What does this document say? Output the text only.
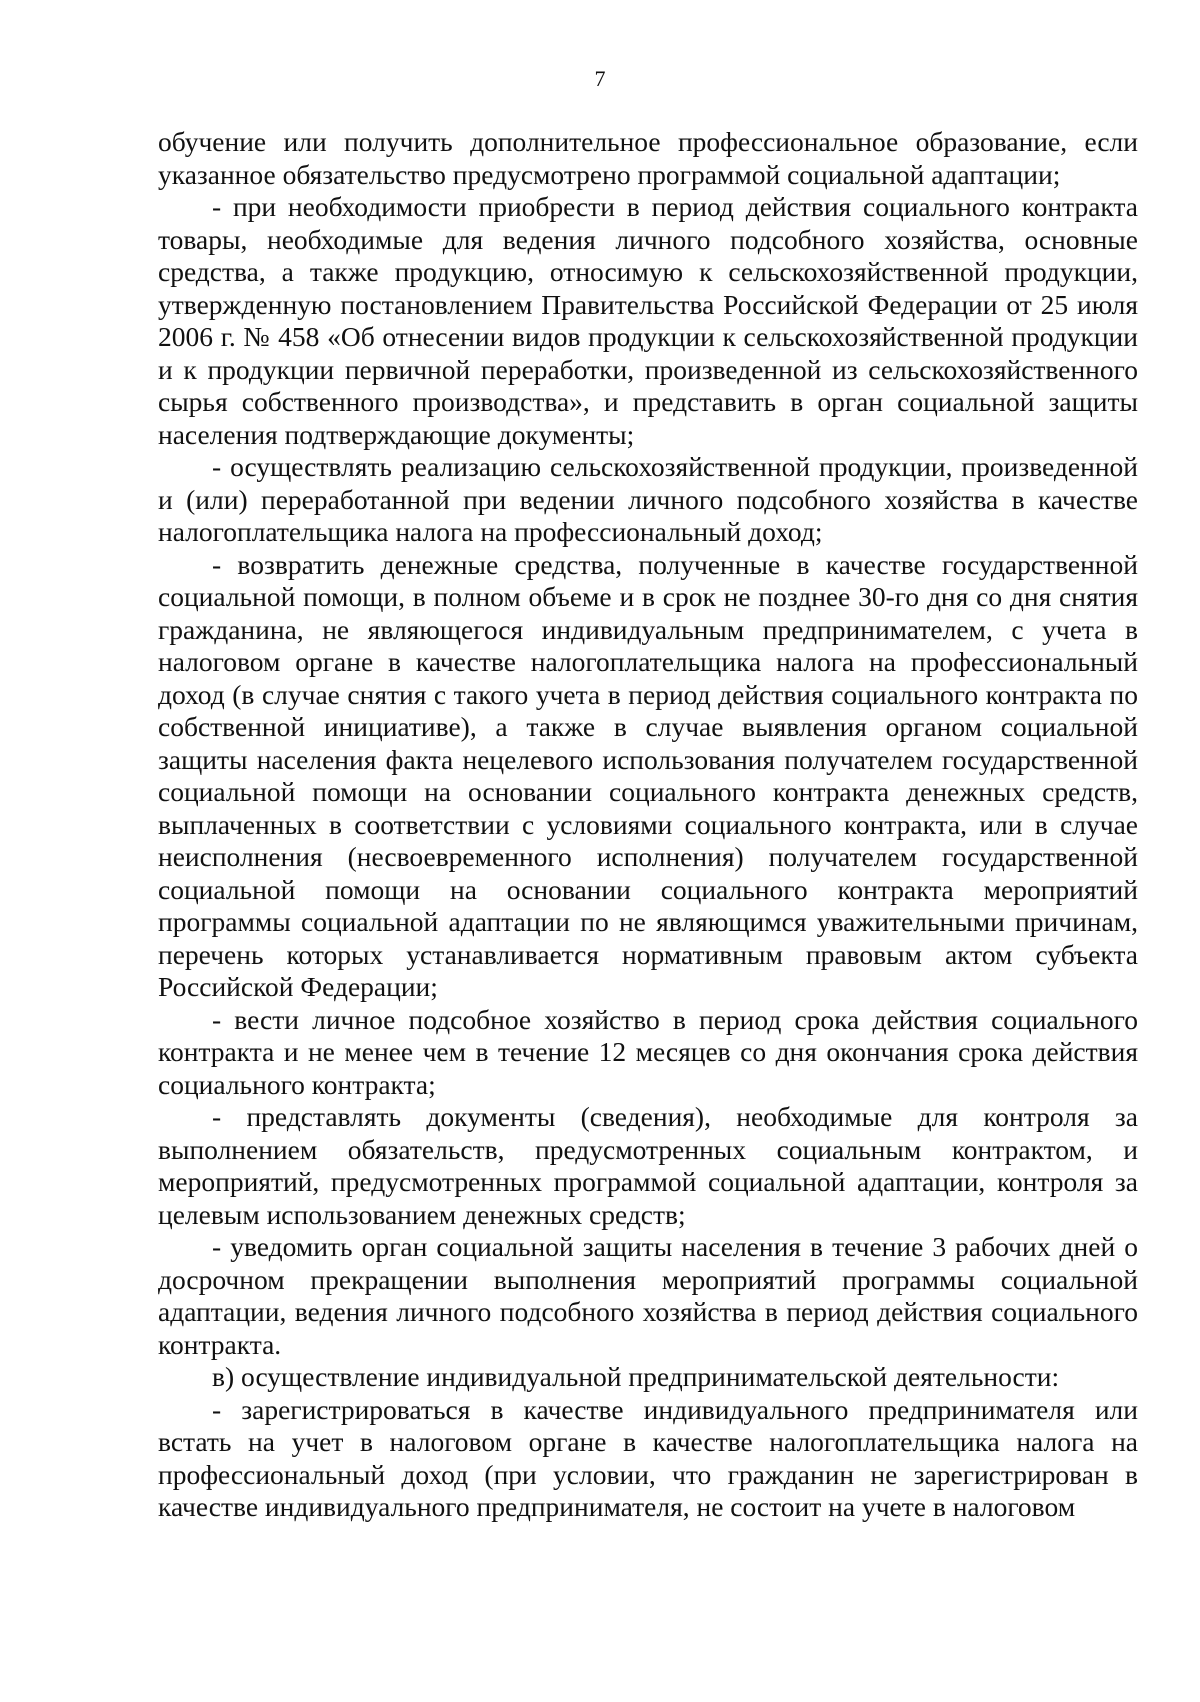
7

обучение или получить дополнительное профессиональное образование, если указанное обязательство предусмотрено программой социальной адаптации;

- при необходимости приобрести в период действия социального контракта товары, необходимые для ведения личного подсобного хозяйства, основные средства, а также продукцию, относимую к сельскохозяйственной продукции, утвержденную постановлением Правительства Российской Федерации от 25 июля 2006 г. № 458 «Об отнесении видов продукции к сельскохозяйственной продукции и к продукции первичной переработки, произведенной из сельскохозяйственного сырья собственного производства», и представить в орган социальной защиты населения подтверждающие документы;

- осуществлять реализацию сельскохозяйственной продукции, произведенной и (или) переработанной при ведении личного подсобного хозяйства в качестве налогоплательщика налога на профессиональный доход;

- возвратить денежные средства, полученные в качестве государственной социальной помощи, в полном объеме и в срок не позднее 30-го дня со дня снятия гражданина, не являющегося индивидуальным предпринимателем, с учета в налоговом органе в качестве налогоплательщика налога на профессиональный доход (в случае снятия с такого учета в период действия социального контракта по собственной инициативе), а также в случае выявления органом социальной защиты населения факта нецелевого использования получателем государственной социальной помощи на основании социального контракта денежных средств, выплаченных в соответствии с условиями социального контракта, или в случае неисполнения (несвоевременного исполнения) получателем государственной социальной помощи на основании социального контракта мероприятий программы социальной адаптации по не являющимся уважительными причинам, перечень которых устанавливается нормативным правовым актом субъекта Российской Федерации;

- вести личное подсобное хозяйство в период срока действия социального контракта и не менее чем в течение 12 месяцев со дня окончания срока действия социального контракта;

- представлять документы (сведения), необходимые для контроля за выполнением обязательств, предусмотренных социальным контрактом, и мероприятий, предусмотренных программой социальной адаптации, контроля за целевым использованием денежных средств;

- уведомить орган социальной защиты населения в течение 3 рабочих дней о досрочном прекращении выполнения мероприятий программы социальной адаптации, ведения личного подсобного хозяйства в период действия социального контракта.

в) осуществление индивидуальной предпринимательской деятельности:

- зарегистрироваться в качестве индивидуального предпринимателя или встать на учет в налоговом органе в качестве налогоплательщика налога на профессиональный доход (при условии, что гражданин не зарегистрирован в качестве индивидуального предпринимателя, не состоит на учете в налоговом
